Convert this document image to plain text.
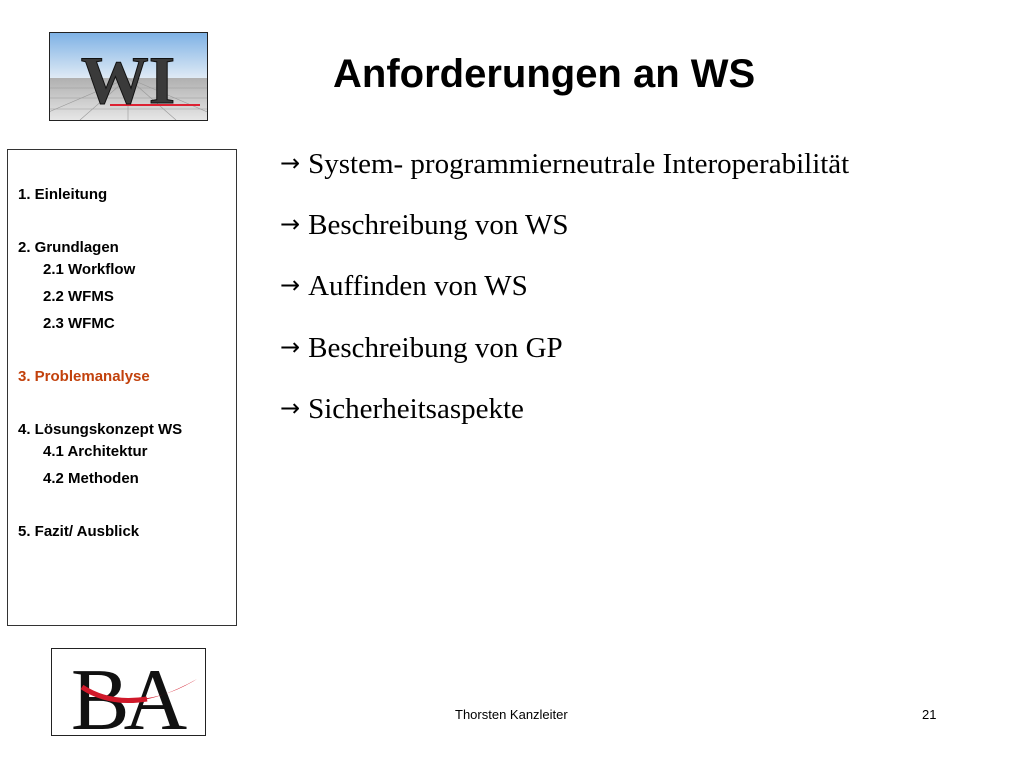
WI	Anforderungen an WS
1. Einleitung
2. Grundlagen
2.1 Workflow
2.2 WFMS
2.3 WFMC
3. Problemanalyse
4. Lösungskonzept WS
4.1 Architektur
4.2 Methoden
5. Fazit/ Ausblick
→ System- programmierneutrale Interoperabilität
→ Beschreibung von WS
→ Auffinden von WS
→ Beschreibung von GP
→ Sicherheitsaspekte
BA	Thorsten Kanzleiter	21
